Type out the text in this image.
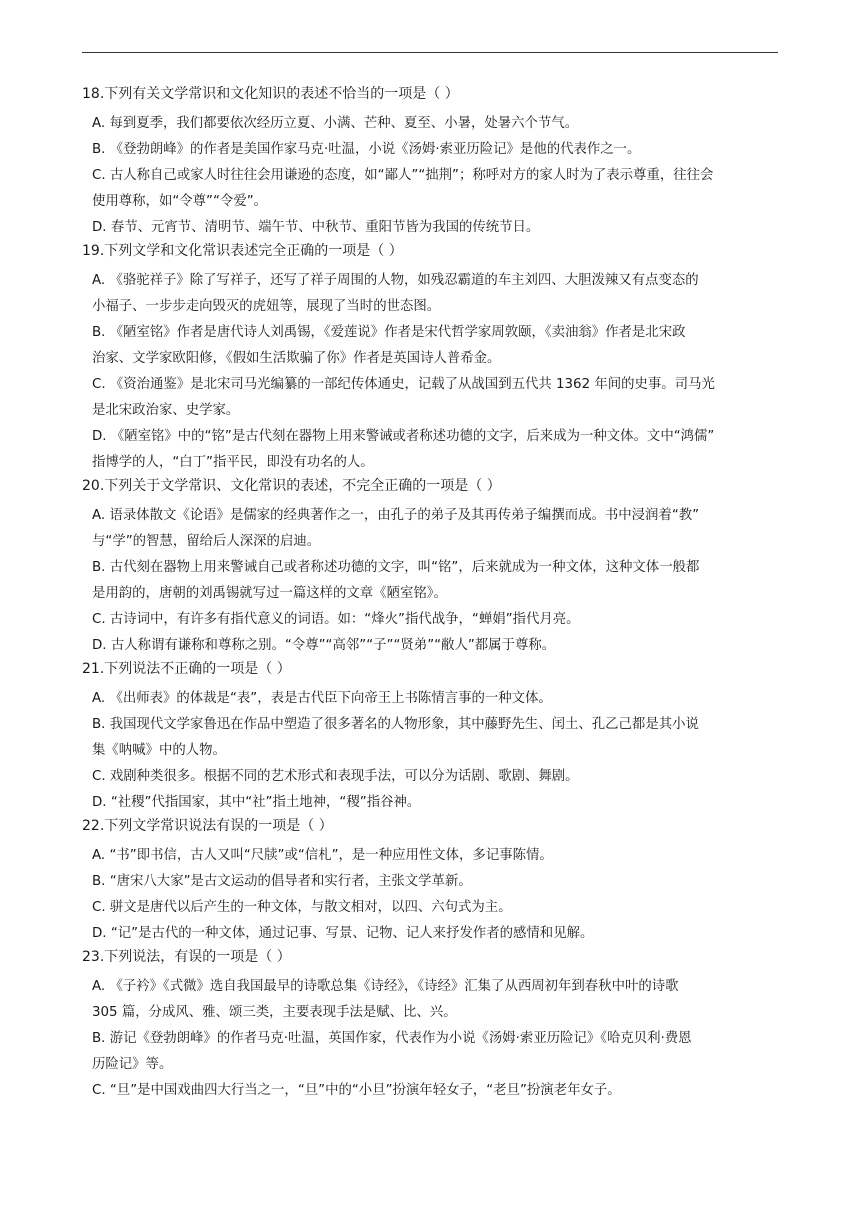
18.下列有关文学常识和文化知识的表述不恰当的一项是（ ）

A. 每到夏季，我们都要依次经历立夏、小满、芒种、夏至、小暑，处暑六个节气。

B. 《登勃朗峰》的作者是美国作家马克·吐温，小说《汤姆·索亚历险记》是他的代表作之一。

C. 古人称自己或家人时往往会用谦逊的态度，如“鄙人”“拙荆”；称呼对方的家人时为了表示尊重，往往会

使用尊称，如“令尊”“令爱”。

D. 春节、元宵节、清明节、端午节、中秋节、重阳节皆为我国的传统节日。

19.下列文学和文化常识表述完全正确的一项是（ ）

A. 《骆驼祥子》除了写祥子，还写了祥子周围的人物，如残忍霸道的车主刘四、大胆泼辣又有点变态的

小福子、一步步走向毁灭的虎妞等，展现了当时的世态图。

B. 《陋室铭》作者是唐代诗人刘禹锡，《爱莲说》作者是宋代哲学家周敦颐，《卖油翁》作者是北宋政

治家、文学家欧阳修，《假如生活欺骗了你》作者是英国诗人普希金。

C. 《资治通鉴》是北宋司马光编纂的一部纪传体通史，记载了从战国到五代共 1362 年间的史事。司马光

是北宋政治家、史学家。

D. 《陋室铭》中的“铭”是古代刻在器物上用来警诫或者称述功德的文字，后来成为一种文体。文中“鸿儒”

指博学的人，“白丁”指平民，即没有功名的人。

20.下列关于文学常识、文化常识的表述，不完全正确的一项是（ ）

A. 语录体散文《论语》是儒家的经典著作之一，由孔子的弟子及其再传弟子编撰而成。书中浸润着“教”

与“学”的智慧，留给后人深深的启迪。

B. 古代刻在器物上用来警诫自己或者称述功德的文字，叫“铭”，后来就成为一种文体，这种文体一般都

是用韵的，唐朝的刘禹锡就写过一篇这样的文章《陋室铭》。

C. 古诗词中，有许多有指代意义的词语。如：“烽火”指代战争，“蝉娟”指代月亮。

D. 古人称谓有谦称和尊称之别。“令尊”“高邻”“子”“贤弟”“敝人”都属于尊称。

21.下列说法不正确的一项是（ ）

A. 《出师表》的体裁是“表”，表是古代臣下向帝王上书陈情言事的一种文体。

B. 我国现代文学家鲁迅在作品中塑造了很多著名的人物形象，其中藤野先生、闰土、孔乙己都是其小说

集《呐喊》中的人物。

C. 戏剧种类很多。根据不同的艺术形式和表现手法，可以分为话剧、歌剧、舞剧。

D. “社稷”代指国家，其中“社”指土地神，“稷”指谷神。

22.下列文学常识说法有误的一项是（ ）

A. “书”即书信，古人又叫“尺牍”或“信札”，是一种应用性文体，多记事陈情。

B. “唐宋八大家”是古文运动的倡导者和实行者，主张文学革新。

C. 骈文是唐代以后产生的一种文体，与散文相对，以四、六句式为主。

D. “记”是古代的一种文体，通过记事、写景、记物、记人来抒发作者的感情和见解。

23.下列说法，有误的一项是（ ）

A. 《子衿》《式微》选自我国最早的诗歌总集《诗经》，《诗经》汇集了从西周初年到春秋中叶的诗歌

305 篇，分成风、雅、颂三类，主要表现手法是赋、比、兴。

B. 游记《登勃朗峰》的作者马克·吐温，英国作家，代表作为小说《汤姆·索亚历险记》《哈克贝利·费恩

历险记》等。

C. “旦”是中国戏曲四大行当之一，“旦”中的“小旦”扮演年轻女子，“老旦”扮演老年女子。
